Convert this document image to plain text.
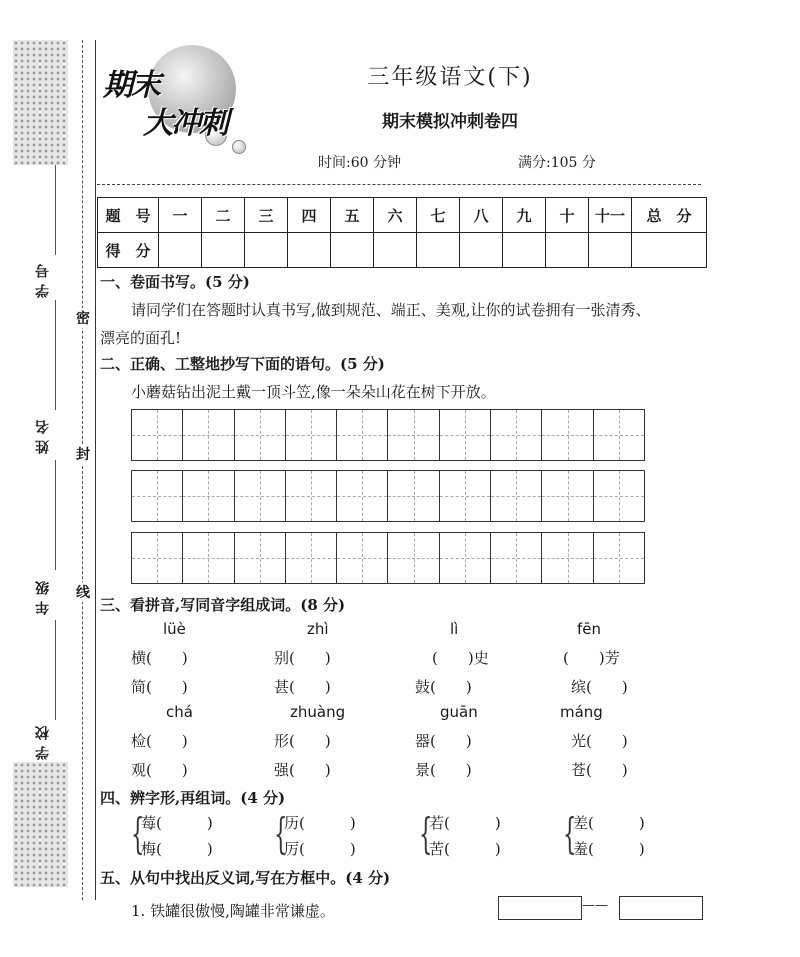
学号
姓名
年级
学校
密
封
线
期末
大冲刺
三年级语文(下)
期末模拟冲刺卷四
时间:60 分钟	满分:105 分
题　号	一	二	三	四	五	六	七	八	九	十	十一	总　分
得　分												
一、卷面书写。(5 分)
请同学们在答题时认真书写,做到规范、端正、美观,让你的试卷拥有一张清秀、
漂亮的面孔!
二、正确、工整地抄写下面的语句。(5 分)
小蘑菇钻出泥土戴一顶斗笠,像一朵朵山花在树下开放。
三、看拼音,写同音字组成词。(8 分)
lüè	zhì	lì	fēn
横(　　)	别(　　)	(　　)史	(　　)芳
简(　　)	甚(　　)	鼓(　　)	缤(　　)
chá	zhuàng	guān	máng
检(　　)	形(　　)	器(　　)	光(　　)
观(　　)	强(　　)	景(　　)	苍(　　)
四、辨字形,再组词。(4 分)
{	{	{	{
莓(　　　)	历(　　　)	若(　　　)	差(　　　)
梅(　　　)	厉(　　　)	苦(　　　)	羞(　　　)
五、从句中找出反义词,写在方框中。(4 分)
1. 铁罐很傲慢,陶罐非常谦虚。	——
